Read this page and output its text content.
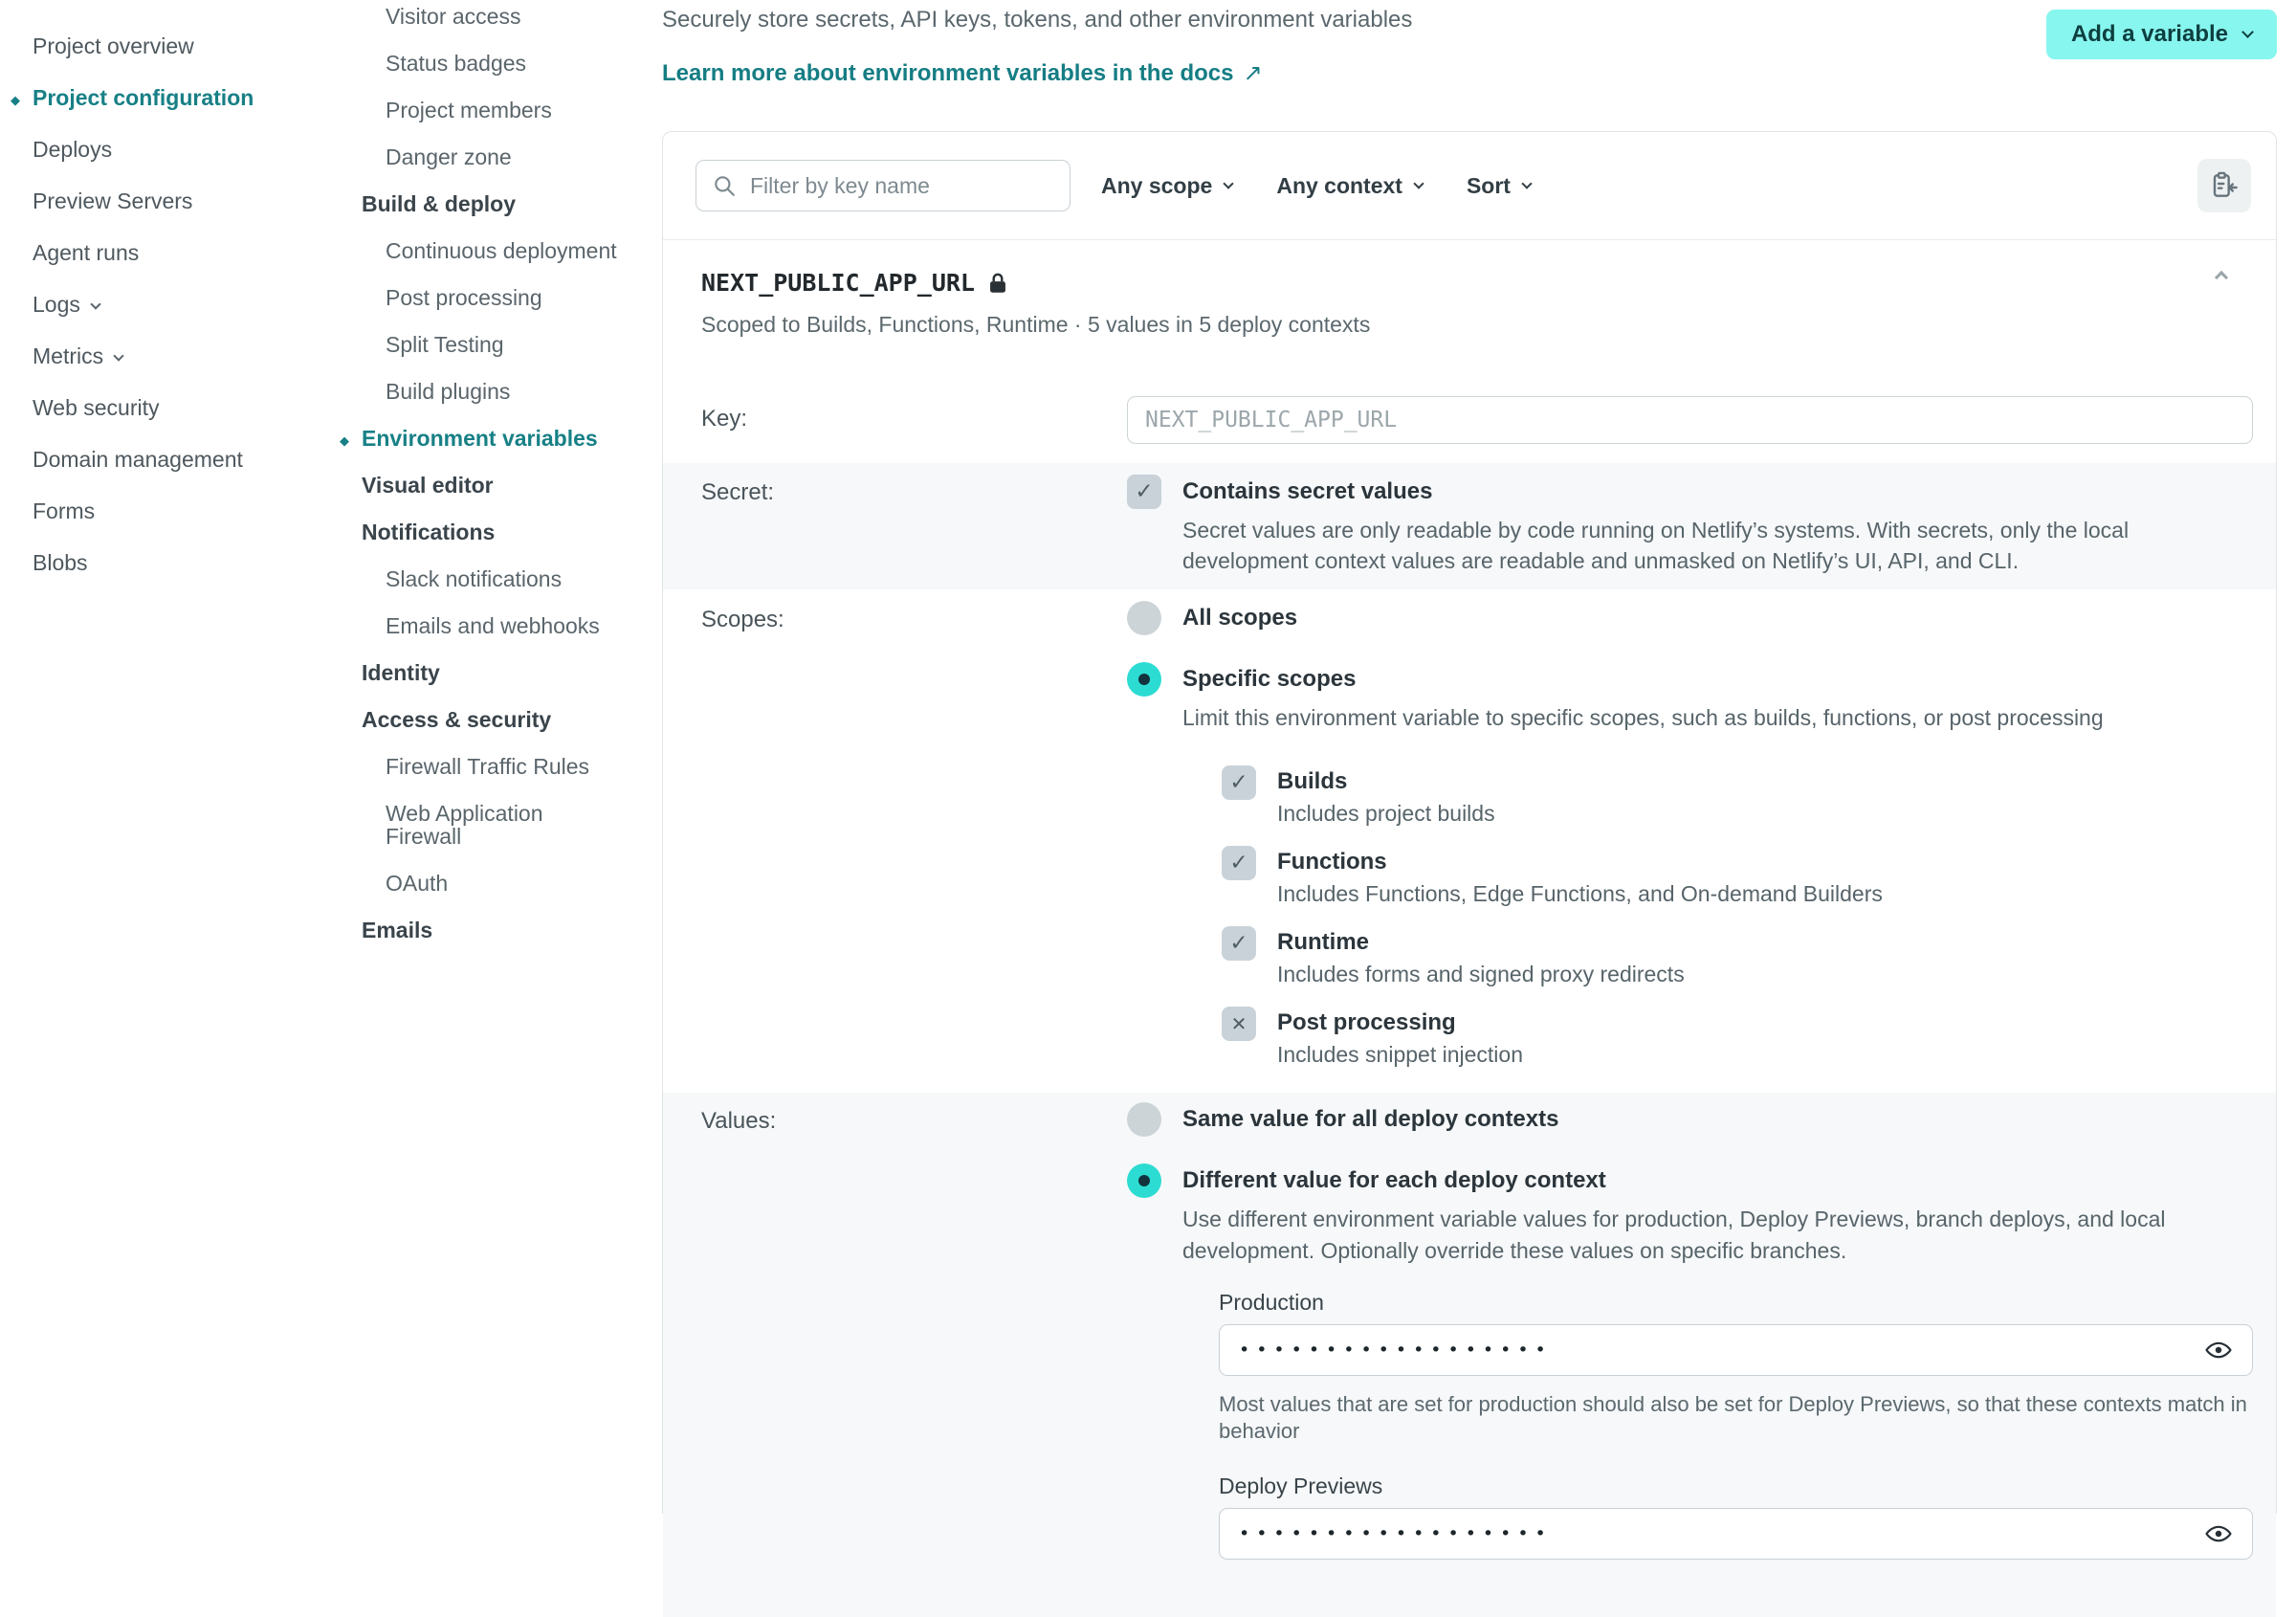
Project overview
◆
Project configuration
Deploys
Preview Servers
Agent runs
Logs
Metrics
Web security
Domain management
Forms
Blobs
Visitor access
Status badges
Project members
Danger zone
Build & deploy
Continuous deployment
Post processing
Split Testing
Build plugins
◆
Environment variables
Visual editor
Notifications
Slack notifications
Emails and webhooks
Identity
Access & security
Firewall Traffic Rules
Web Application Firewall
OAuth
Emails
Securely store secrets, API keys, tokens, and other environment variables
Learn more about environment variables in the docs ↗
Add a variable
Filter by key name
Any scope	Any context	Sort
NEXT_PUBLIC_APP_URL
Scoped to Builds, Functions, Runtime · 5 values in 5 deploy contexts
Key:
NEXT_PUBLIC_APP_URL
Secret: ✓	Contains secret values
Secret values are only readable by code running on Netlify’s systems. With secrets, only the local development context values are readable and unmasked on Netlify’s UI, API, and CLI.
Scopes:	All scopes
Specific scopes
Limit this environment variable to specific scopes, such as builds, functions, or post processing
✓
Builds
Includes project builds
✓
Functions
Includes Functions, Edge Functions, and On-demand Builders
✓
Runtime
Includes forms and signed proxy redirects
✕
Post processing
Includes snippet injection
Values:	Same value for all deploy contexts
Different value for each deploy context
Use different environment variable values for production, Deploy Previews, branch deploys, and local development. Optionally override these values on specific branches.
Production
••••••••••••••••••
Most values that are set for production should also be set for Deploy Previews, so that these contexts match in behavior
Deploy Previews
••••••••••••••••••
